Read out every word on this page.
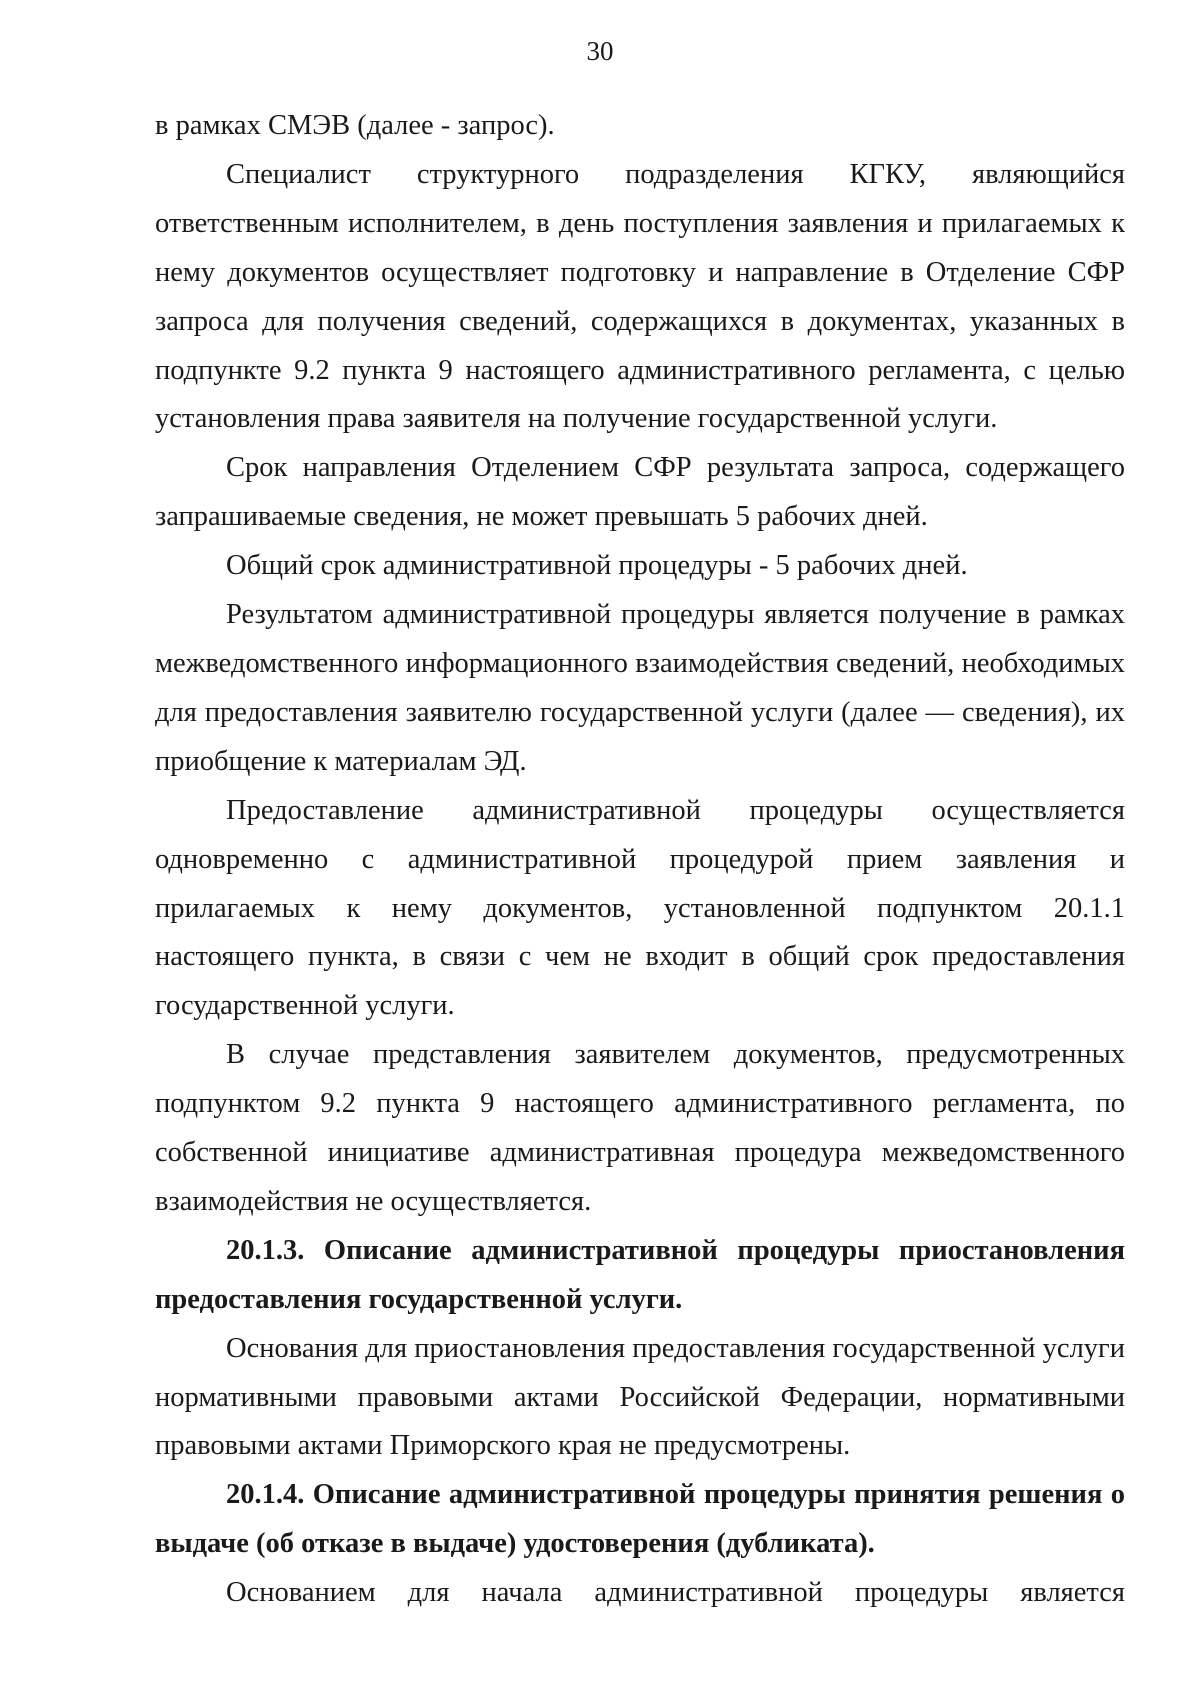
30

в рамках СМЭВ (далее - запрос).

Специалист структурного подразделения КГКУ, являющийся ответственным исполнителем, в день поступления заявления и прилагаемых к нему документов осуществляет подготовку и направление в Отделение СФР запроса для получения сведений, содержащихся в документах, указанных в подпункте 9.2 пункта 9 настоящего административного регламента, с целью установления права заявителя на получение государственной услуги.

Срок направления Отделением СФР результата запроса, содержащего запрашиваемые сведения, не может превышать 5 рабочих дней.

Общий срок административной процедуры - 5 рабочих дней.

Результатом административной процедуры является получение в рамках межведомственного информационного взаимодействия сведений, необходимых для предоставления заявителю государственной услуги (далее — сведения), их приобщение к материалам ЭД.

Предоставление административной процедуры осуществляется одновременно с административной процедурой прием заявления и прилагаемых к нему документов, установленной подпунктом 20.1.1 настоящего пункта, в связи с чем не входит в общий срок предоставления государственной услуги.

В случае представления заявителем документов, предусмотренных подпунктом 9.2 пункта 9 настоящего административного регламента, по собственной инициативе административная процедура межведомственного взаимодействия не осуществляется.

20.1.3. Описание административной процедуры приостановления предоставления государственной услуги.

Основания для приостановления предоставления государственной услуги нормативными правовыми актами Российской Федерации, нормативными правовыми актами Приморского края не предусмотрены.

20.1.4. Описание административной процедуры принятия решения о выдаче (об отказе в выдаче) удостоверения (дубликата).

Основанием для начала административной процедуры является
